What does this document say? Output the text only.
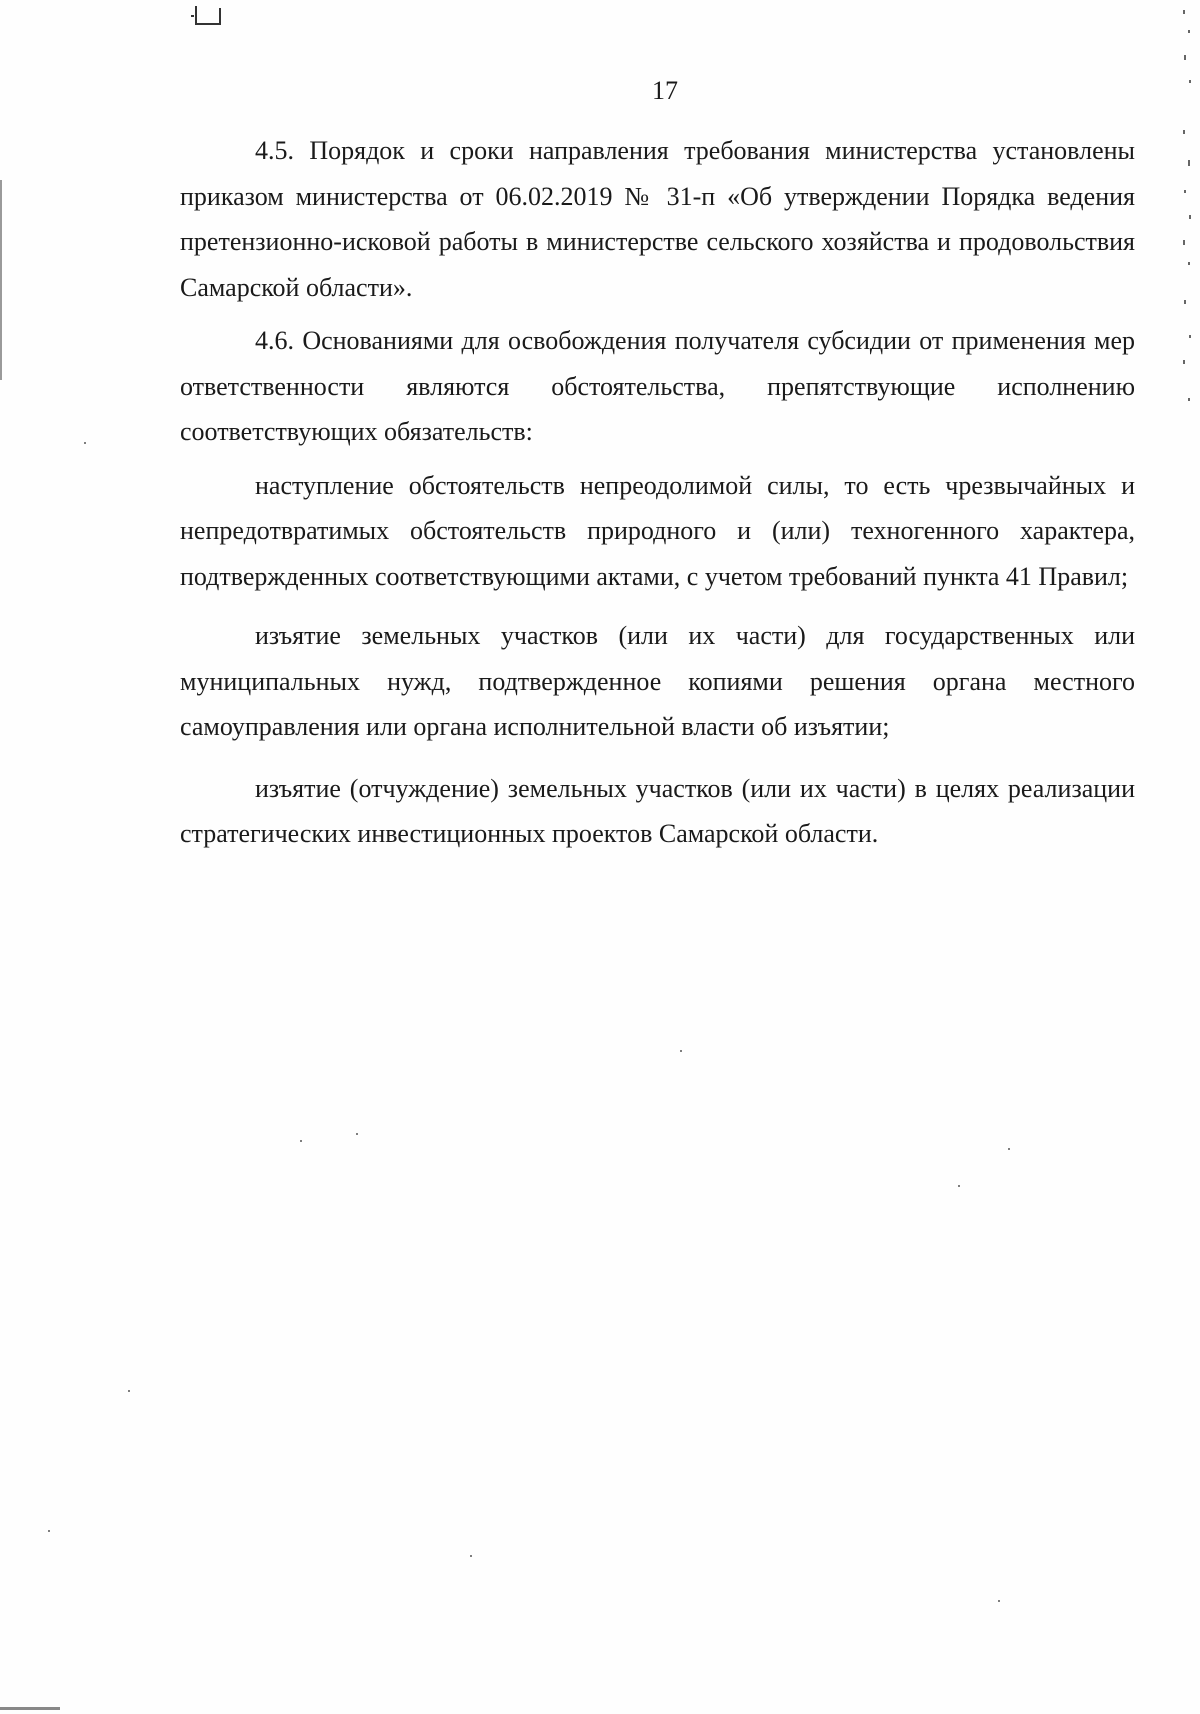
17

4.5. Порядок и сроки направления требования министерства установлены приказом министерства от 06.02.2019 № 31-п «Об утверждении Порядка ведения претензионно-исковой работы в министерстве сельского хозяйства и продовольствия Самарской области».

4.6. Основаниями для освобождения получателя субсидии от применения мер ответственности являются обстоятельства, препятствующие исполнению соответствующих обязательств:

наступление обстоятельств непреодолимой силы, то есть чрезвычайных и непредотвратимых обстоятельств природного и (или) техногенного характера, подтвержденных соответствующими актами, с учетом требований пункта 41 Правил;

изъятие земельных участков (или их части) для государственных или муниципальных нужд, подтвержденное копиями решения органа местного самоуправления или органа исполнительной власти об изъятии;

изъятие (отчуждение) земельных участков (или их части) в целях реализации стратегических инвестиционных проектов Самарской области.
